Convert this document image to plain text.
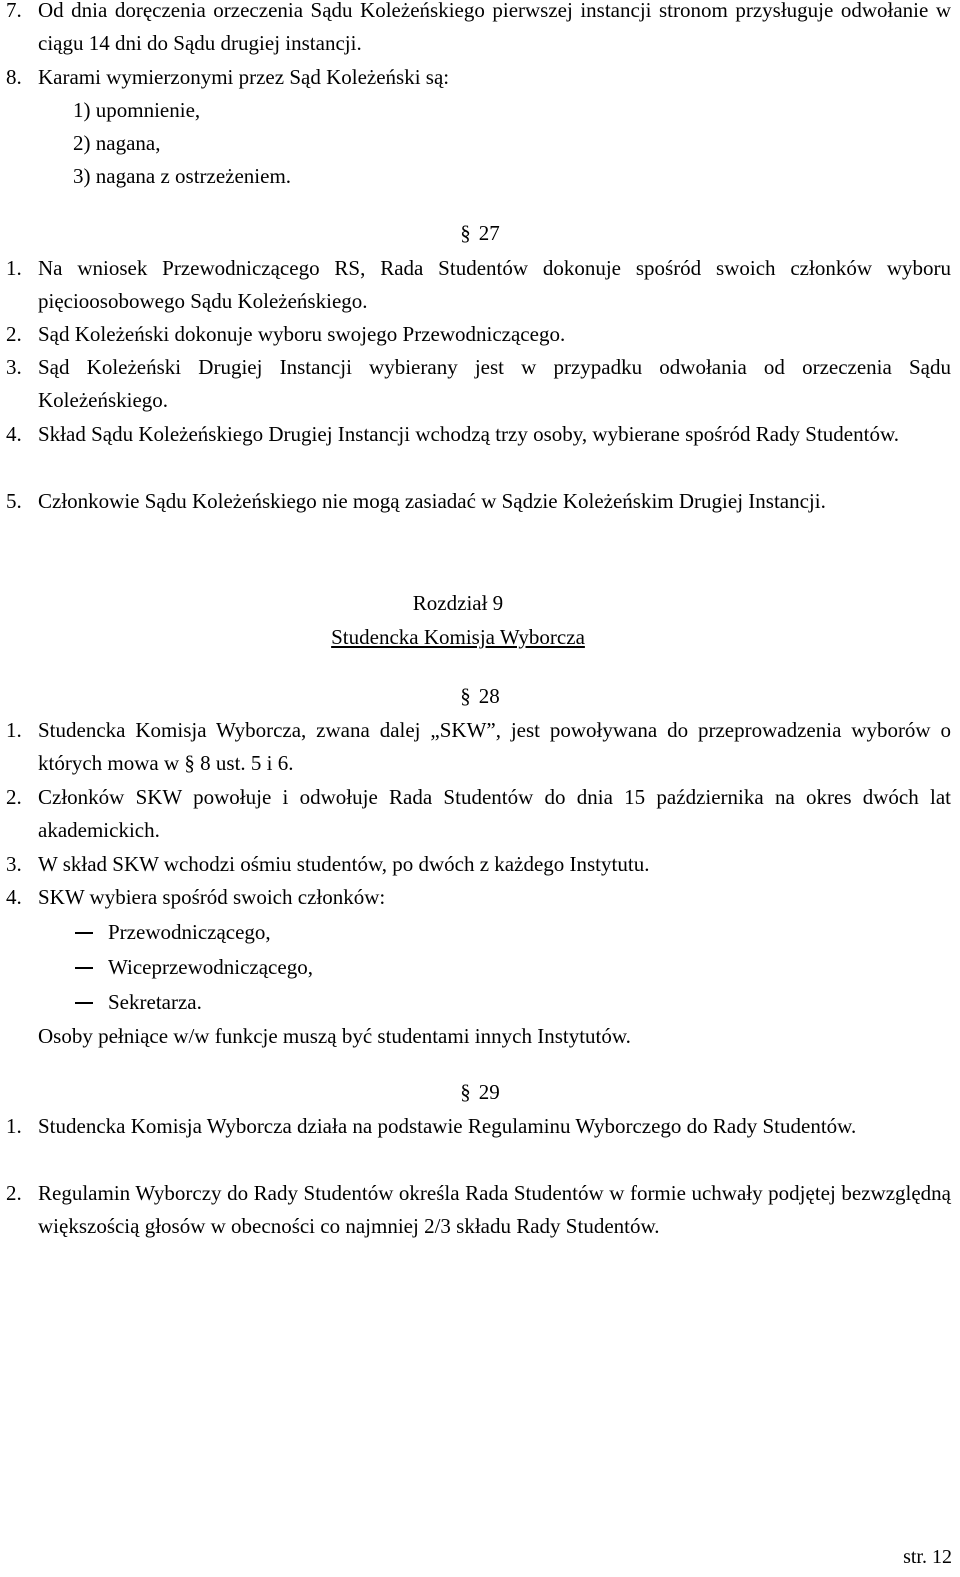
7. Od dnia doręczenia orzeczenia Sądu Koleżeńskiego pierwszej instancji stronom przysługuje odwołanie w ciągu 14 dni do Sądu drugiej instancji.
8. Karami wymierzonymi przez Sąd Koleżeński są:
1) upomnienie,
2) nagana,
3) nagana z ostrzeżeniem.
§ 27
1. Na wniosek Przewodniczącego RS, Rada Studentów dokonuje spośród swoich członków wyboru pięcioosobowego Sądu Koleżeńskiego.
2. Sąd Koleżeński dokonuje wyboru swojego Przewodniczącego.
3. Sąd Koleżeński Drugiej Instancji wybierany jest w przypadku odwołania od orzeczenia Sądu Koleżeńskiego.
4. Skład Sądu Koleżeńskiego Drugiej Instancji wchodzą trzy osoby, wybierane spośród Rady Studentów.
5. Członkowie Sądu Koleżeńskiego nie mogą zasiadać w Sądzie Koleżeńskim Drugiej Instancji.
Rozdział 9
Studencka Komisja Wyborcza
§ 28
1. Studencka Komisja Wyborcza, zwana dalej „SKW”, jest powoływana do przeprowadzenia wyborów o których mowa w § 8 ust. 5 i 6.
2. Członków SKW powołuje i odwołuje Rada Studentów do dnia 15 października na okres dwóch lat akademickich.
3. W skład SKW wchodzi ośmiu studentów, po dwóch z każdego Instytutu.
4. SKW wybiera spośród swoich członków:
Przewodniczącego,
Wiceprzewodniczącego,
Sekretarza.
Osoby pełniące w/w funkcje muszą być studentami innych Instytutów.
§ 29
1. Studencka Komisja Wyborcza działa na podstawie Regulaminu Wyborczego do Rady Studentów.
2. Regulamin Wyborczy do Rady Studentów określa Rada Studentów w formie uchwały podjętej bezwzględną większością głosów w obecności co najmniej 2/3 składu Rady Studentów.
str. 12
